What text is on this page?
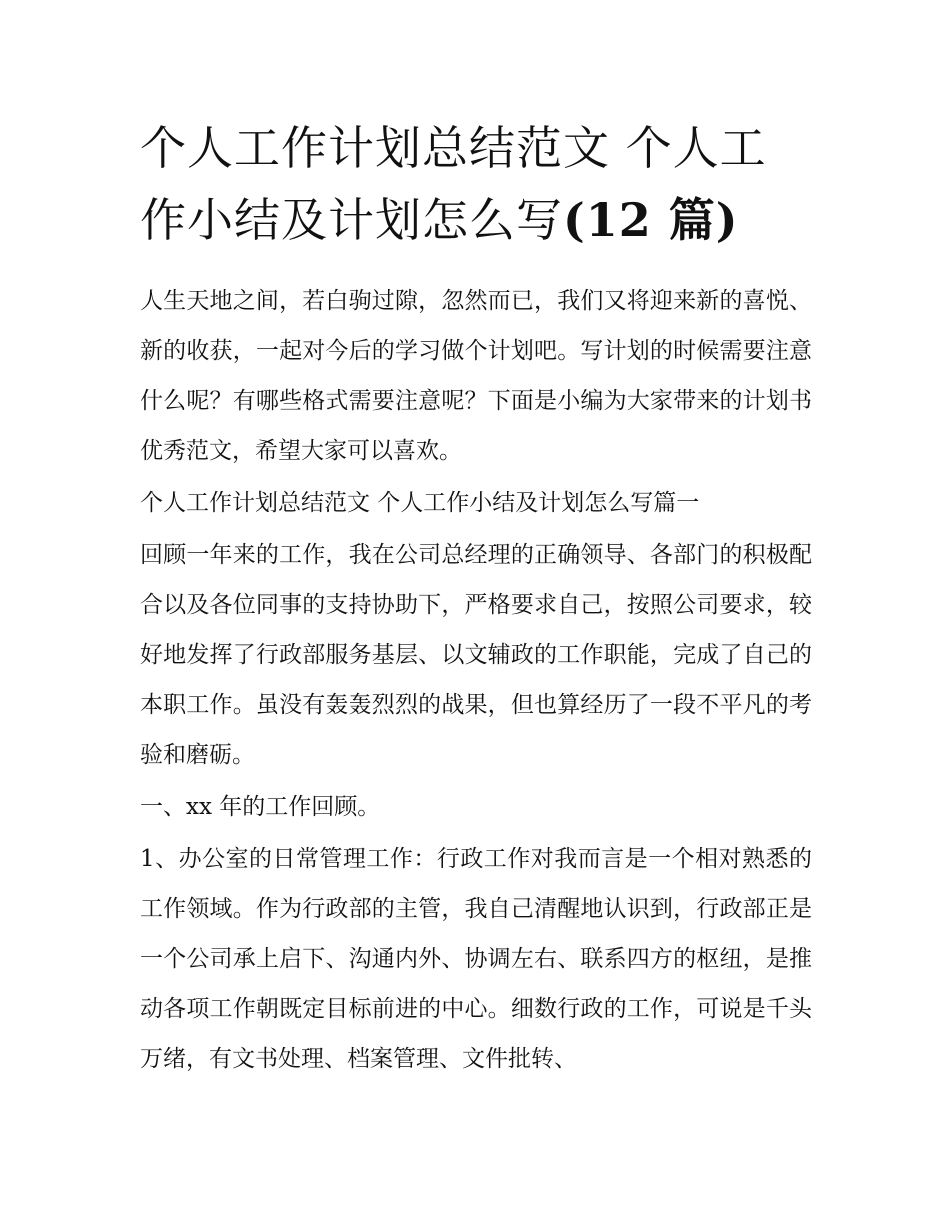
个人工作计划总结范文 个人工作小结及计划怎么写(12 篇)

人生天地之间，若白驹过隙，忽然而已，我们又将迎来新的喜悦、新的收获，一起对今后的学习做个计划吧。写计划的时候需要注意什么呢？有哪些格式需要注意呢？下面是小编为大家带来的计划书优秀范文，希望大家可以喜欢。

个人工作计划总结范文 个人工作小结及计划怎么写篇一

回顾一年来的工作，我在公司总经理的正确领导、各部门的积极配合以及各位同事的支持协助下，严格要求自己，按照公司要求，较好地发挥了行政部服务基层、以文辅政的工作职能，完成了自己的本职工作。虽没有轰轰烈烈的战果，但也算经历了一段不平凡的考验和磨砺。

一、xx 年的工作回顾。

1、办公室的日常管理工作：行政工作对我而言是一个相对熟悉的工作领域。作为行政部的主管，我自己清醒地认识到，行政部正是一个公司承上启下、沟通内外、协调左右、联系四方的枢纽，是推动各项工作朝既定目标前进的中心。细数行政的工作，可说是千头万绪，有文书处理、档案管理、文件批转、
